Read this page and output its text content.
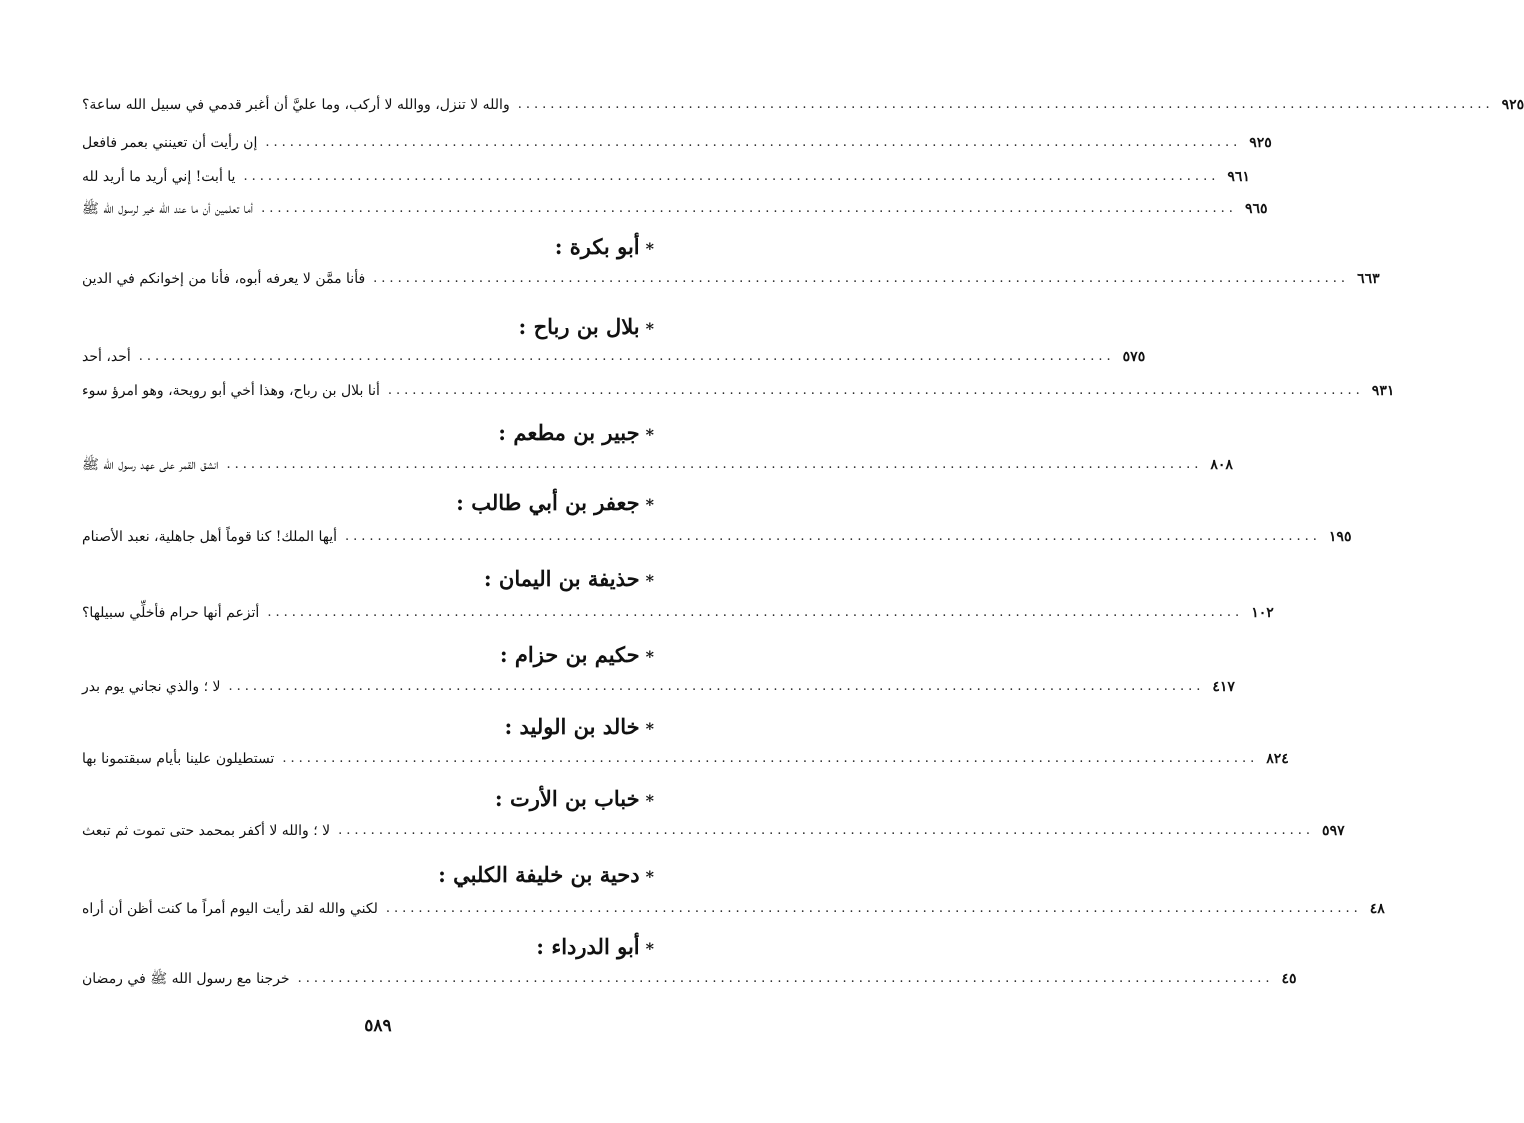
والله لا تنزل، ووالله لا أركب، وما عليَّ أن أغبر قدمي في سبيل الله ساعة؟ ........................................................................................................................ ٩٢٥
إن رأيت أن تعينني بعمر فافعل ........................................................................................................................ ٩٢٥
يا أبت! إني أريد ما أريد لله ........................................................................................................................ ٩٦١
أما تعلمين أن ما عند الله خير لرسول الله ﷺ ........................................................................................................................ ٩٦٥
*أبو بكرة :
فأنا ممَّن لا يعرفه أبوه، فأنا من إخوانكم في الدين ........................................................................................................................ ٦٦٣
*بلال بن رباح :
أحد، أحد ........................................................................................................................ ٥٧٥
أنا بلال بن رباح، وهذا أخي أبو رويحة، وهو امرؤ سوء ........................................................................................................................ ٩٣١
*جبير بن مطعم :
انشق القمر على عهد رسول الله ﷺ ........................................................................................................................ ٨٠٨
*جعفر بن أبي طالب :
أيها الملك! كنا قوماً أهل جاهلية، نعبد الأصنام ........................................................................................................................ ١٩٥
*حذيفة بن اليمان :
أتزعم أنها حرام فأخلِّي سبيلها؟ ........................................................................................................................ ١٠٢
*حكيم بن حزام :
لا ؛ والذي نجاني يوم بدر ........................................................................................................................ ٤١٧
*خالد بن الوليد :
تستطيلون علينا بأيام سبقتمونا بها ........................................................................................................................ ٨٢٤
*خباب بن الأرت :
لا ؛ والله لا أكفر بمحمد حتى تموت ثم تبعث ........................................................................................................................ ٥٩٧
*دحية بن خليفة الكلبي :
لكني والله لقد رأيت اليوم أمراً ما كنت أظن أن أراه ........................................................................................................................ ٤٨
*أبو الدرداء :
خرجنا مع رسول الله ﷺ في رمضان ........................................................................................................................ ٤٥
٥٨٩
